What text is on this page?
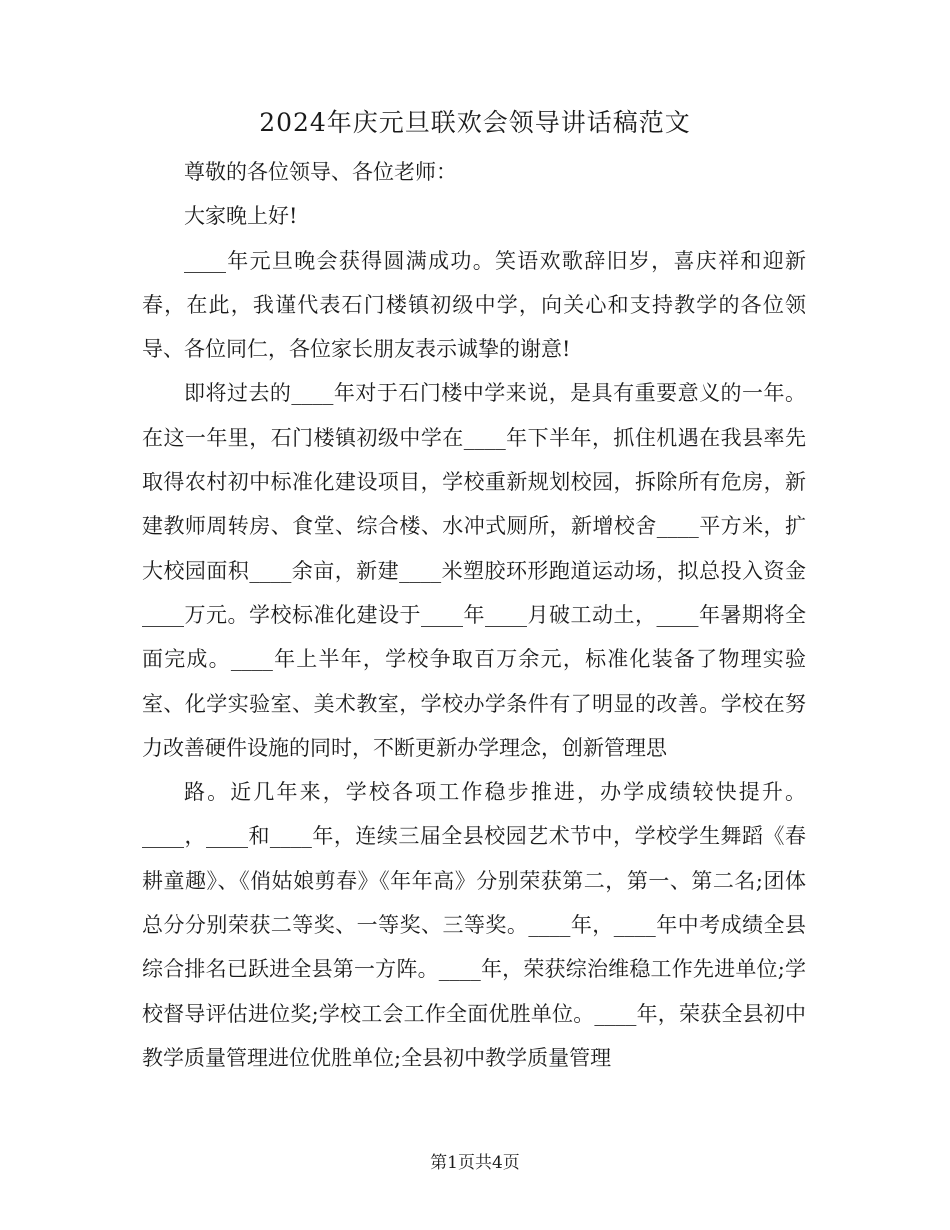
2024年庆元旦联欢会领导讲话稿范文

尊敬的各位领导、各位老师：

大家晚上好!

____年元旦晚会获得圆满成功。笑语欢歌辞旧岁，喜庆祥和迎新春，在此，我谨代表石门楼镇初级中学，向关心和支持教学的各位领导、各位同仁，各位家长朋友表示诚挚的谢意!

即将过去的____年对于石门楼中学来说，是具有重要意义的一年。在这一年里，石门楼镇初级中学在____年下半年，抓住机遇在我县率先取得农村初中标准化建设项目，学校重新规划校园，拆除所有危房，新建教师周转房、食堂、综合楼、水冲式厕所，新增校舍____平方米，扩大校园面积____余亩，新建____米塑胶环形跑道运动场，拟总投入资金____万元。学校标准化建设于____年____月破工动土，____年暑期将全面完成。____年上半年，学校争取百万余元，标准化装备了物理实验室、化学实验室、美术教室，学校办学条件有了明显的改善。学校在努力改善硬件设施的同时，不断更新办学理念，创新管理思

路。近几年来，学校各项工作稳步推进，办学成绩较快提升。____，____和____年，连续三届全县校园艺术节中，学校学生舞蹈《春耕童趣》、《俏姑娘剪春》《年年高》分别荣获第二，第一、第二名;团体总分分别荣获二等奖、一等奖、三等奖。____年，____年中考成绩全县综合排名已跃进全县第一方阵。____年，荣获综治维稳工作先进单位;学校督导评估进位奖;学校工会工作全面优胜单位。____年，荣获全县初中教学质量管理进位优胜单位;全县初中教学质量管理

第1页共4页
